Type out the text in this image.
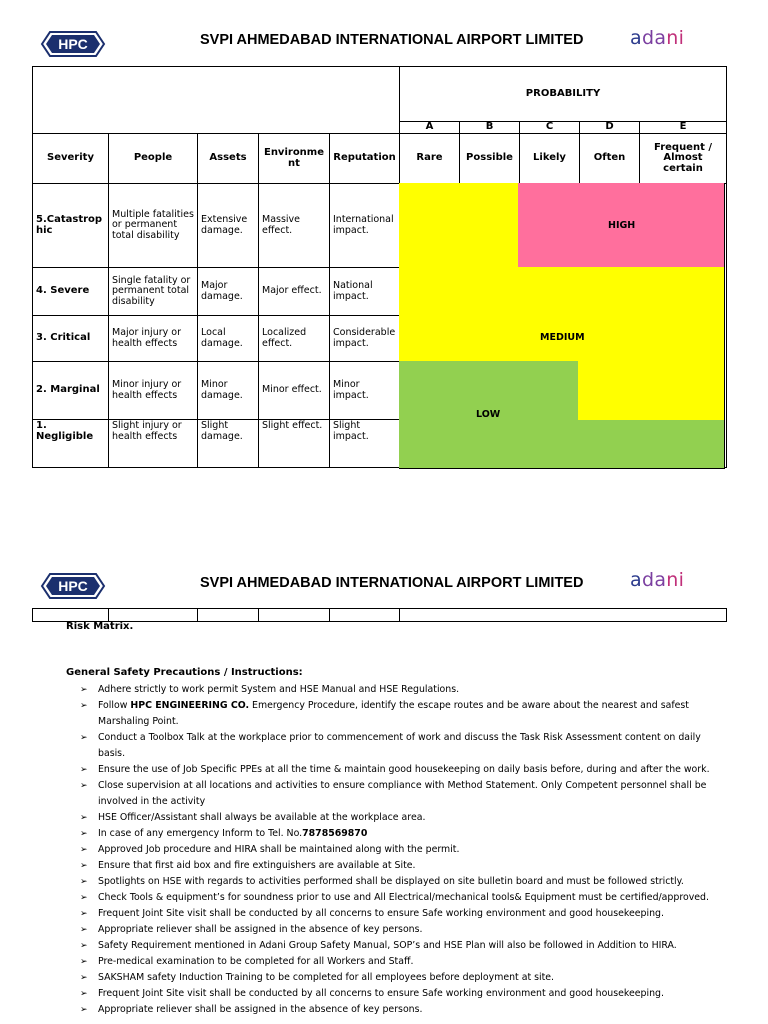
HPC	SVPI AHMEDABAD INTERNATIONAL AIRPORT LIMITED adani
					PROBABILITY				
					A	B	C	D	E
Severity	People	Assets	Environme nt	Reputation	Rare	Possible	Likely	Often	Frequent / Almost certain
5.Catastrop hic	Multiple fatalities or permanent total disability	Extensive damage.	Massive effect.	International impact.					
4. Severe	Single fatality or permanent total disability	Major damage.	Major effect.	National impact.					
3. Critical	Major injury or health effects	Local damage.	Localized effect.	Considerable impact.					
2. Marginal	Minor injury or health effects	Minor damage.	Minor effect.	Minor impact.					
1. Negligible	Slight injury or health effects	Slight damage.	Slight effect.	Slight impact.					
HIGH
MEDIUM
LOW
HPC	SVPI AHMEDABAD INTERNATIONAL AIRPORT LIMITED adani

Risk Matrix.
General Safety Precautions / Instructions:
➢ Adhere strictly to work permit System and HSE Manual and HSE Regulations.
➢ Follow HPC ENGINEERING CO. Emergency Procedure, identify the escape routes and be aware about the nearest and safest Marshaling Point.
➢ Conduct a Toolbox Talk at the workplace prior to commencement of work and discuss the Task Risk Assessment content on daily basis.
➢ Ensure the use of Job Specific PPEs at all the time & maintain good housekeeping on daily basis before, during and after the work.
➢ Close supervision at all locations and activities to ensure compliance with Method Statement. Only Competent personnel shall be involved in the activity
➢ HSE Officer/Assistant shall always be available at the workplace area.
➢ In case of any emergency Inform to Tel. No.7878569870
➢ Approved Job procedure and HIRA shall be maintained along with the permit.
➢ Ensure that first aid box and fire extinguishers are available at Site.
➢ Spotlights on HSE with regards to activities performed shall be displayed on site bulletin board and must be followed strictly.
➢ Check Tools & equipment’s for soundness prior to use and All Electrical/mechanical tools& Equipment must be certified/approved.
➢ Frequent Joint Site visit shall be conducted by all concerns to ensure Safe working environment and good housekeeping.
➢ Appropriate reliever shall be assigned in the absence of key persons.
➢ Safety Requirement mentioned in Adani Group Safety Manual, SOP’s and HSE Plan will also be followed in Addition to HIRA.
➢ Pre-medical examination to be completed for all Workers and Staff.
➢ SAKSHAM safety Induction Training to be completed for all employees before deployment at site.
➢ Frequent Joint Site visit shall be conducted by all concerns to ensure Safe working environment and good housekeeping.
➢ Appropriate reliever shall be assigned in the absence of key persons.
